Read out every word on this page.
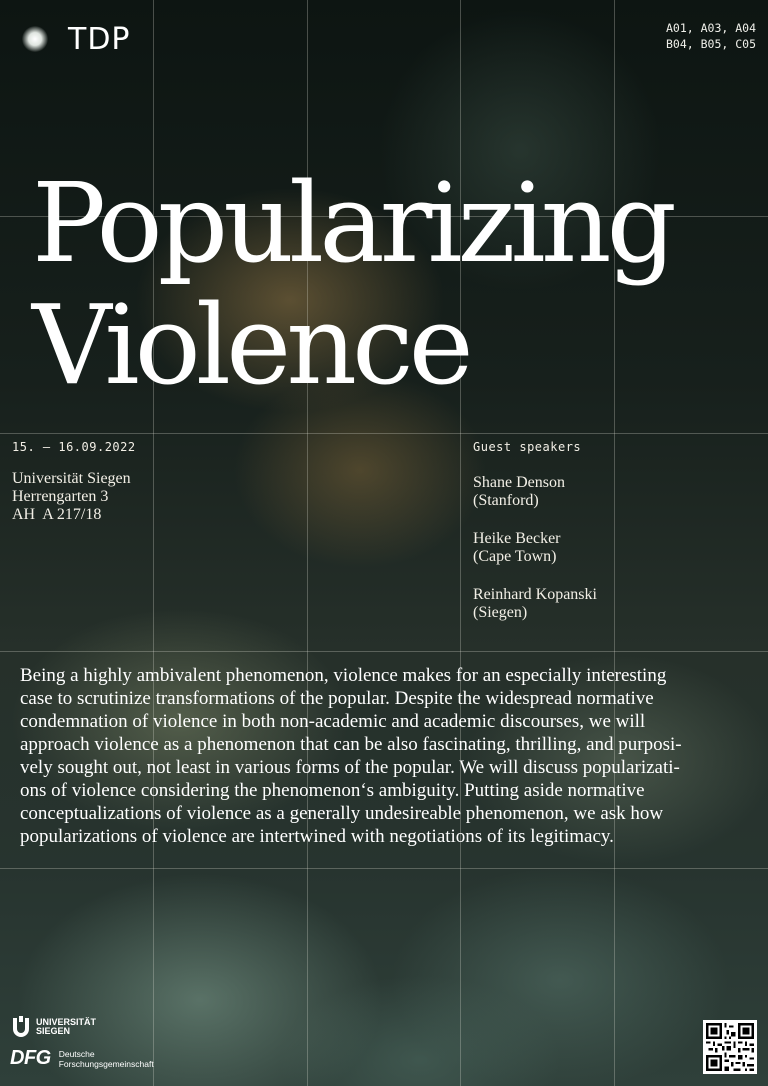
TDP	A01, A03, A04
B04, B05, C05
Popularizing
Violence
15. – 16.09.2022
Universität Siegen
Herrengarten 3
AH  A 217/18
Guest speakers
Shane Denson
(Stanford)
Heike Becker
(Cape Town)
Reinhard Kopanski
(Siegen)
Being a highly ambivalent phenomenon, violence makes for an especially interesting
case to scrutinize transformations of the popular. Despite the widespread normative
condemnation of violence in both non-academic and academic discourses, we will
approach violence as a phenomenon that can be also fascinating, thrilling, and purposi-
vely sought out, not least in various forms of the popular. We will discuss popularizati-
ons of violence considering the phenomenon‘s ambiguity. Putting aside normative
conceptualizations of violence as a generally undesireable phenomenon, we ask how
popularizations of violence are intertwined with negotiations of its legitimacy.
UNIVERSITÄT
SIEGEN
DFG Deutsche
Forschungsgemeinschaft
